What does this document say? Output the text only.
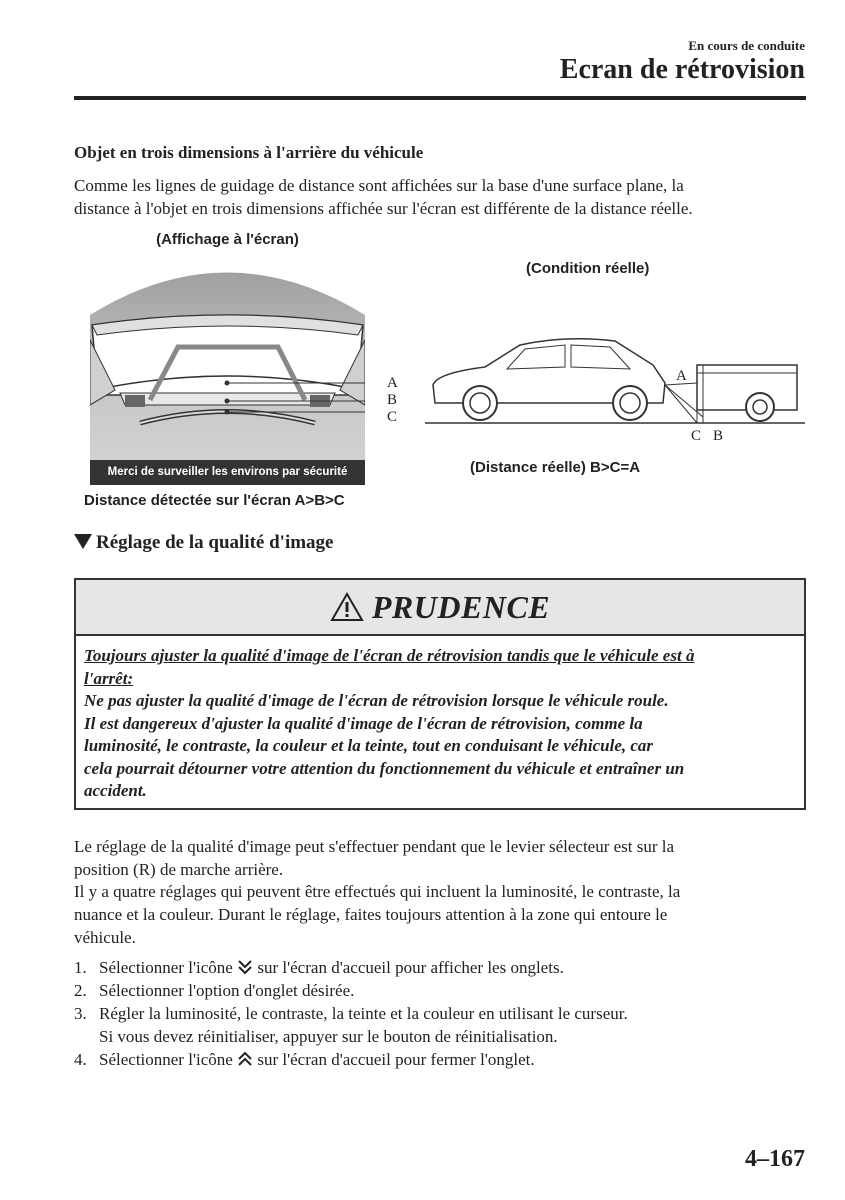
En cours de conduite
Ecran de rétrovision
Objet en trois dimensions à l'arrière du véhicule
Comme les lignes de guidage de distance sont affichées sur la base d'une surface plane, la
distance à l'objet en trois dimensions affichée sur l'écran est différente de la distance réelle.
(Affichage à l'écran)
Merci de surveiller les environs par sécurité
A
B
C
Distance détectée sur l'écran A>B>C
(Condition réelle)
A
C B
(Distance réelle) B>C=A
Réglage de la qualité d'image
PRUDENCE

Toujours ajuster la qualité d'image de l'écran de rétrovision tandis que le véhicule est à

l'arrêt:

Ne pas ajuster la qualité d'image de l'écran de rétrovision lorsque le véhicule roule.

Il est dangereux d'ajuster la qualité d'image de l'écran de rétrovision, comme la

luminosité, le contraste, la couleur et la teinte, tout en conduisant le véhicule, car

cela pourrait détourner votre attention du fonctionnement du véhicule et entraîner un

accident.

Le réglage de la qualité d'image peut s'effectuer pendant que le levier sélecteur est sur la
position (R) de marche arrière.
Il y a quatre réglages qui peuvent être effectués qui incluent la luminosité, le contraste, la
nuance et la couleur. Durant le réglage, faites toujours attention à la zone qui entoure le
véhicule.
1. Sélectionner l'icône  sur l'écran d'accueil pour afficher les onglets.
2. Sélectionner l'option d'onglet désirée.
3. Régler la luminosité, le contraste, la teinte et la couleur en utilisant le curseur.
Si vous devez réinitialiser, appuyer sur le bouton de réinitialisation.
4. Sélectionner l'icône  sur l'écran d'accueil pour fermer l'onglet.
4–167
